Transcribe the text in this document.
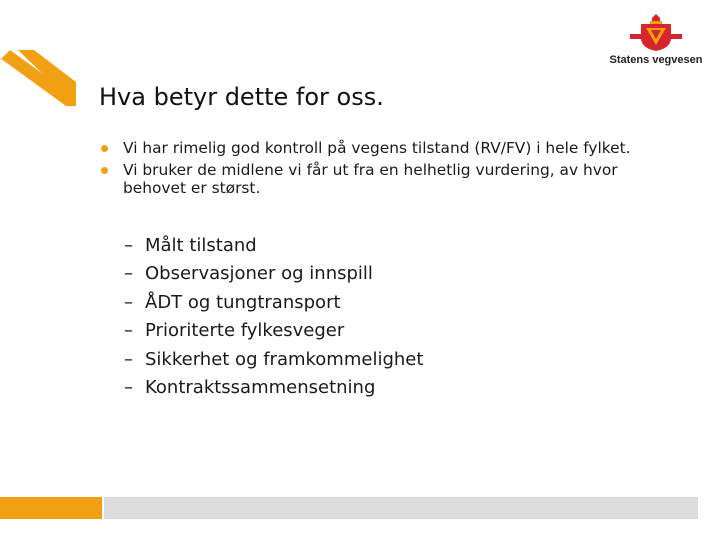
Statens vegvesen
Hva betyr dette for oss.
Vi har rimelig god kontroll på vegens tilstand (RV/FV) i hele fylket.
Vi bruker de midlene vi får ut fra en helhetlig vurdering, av hvor behovet er størst.
– Målt tilstand
– Observasjoner og innspill
– ÅDT og tungtransport
– Prioriterte fylkesveger
– Sikkerhet og framkommelighet
– Kontraktssammensetning
